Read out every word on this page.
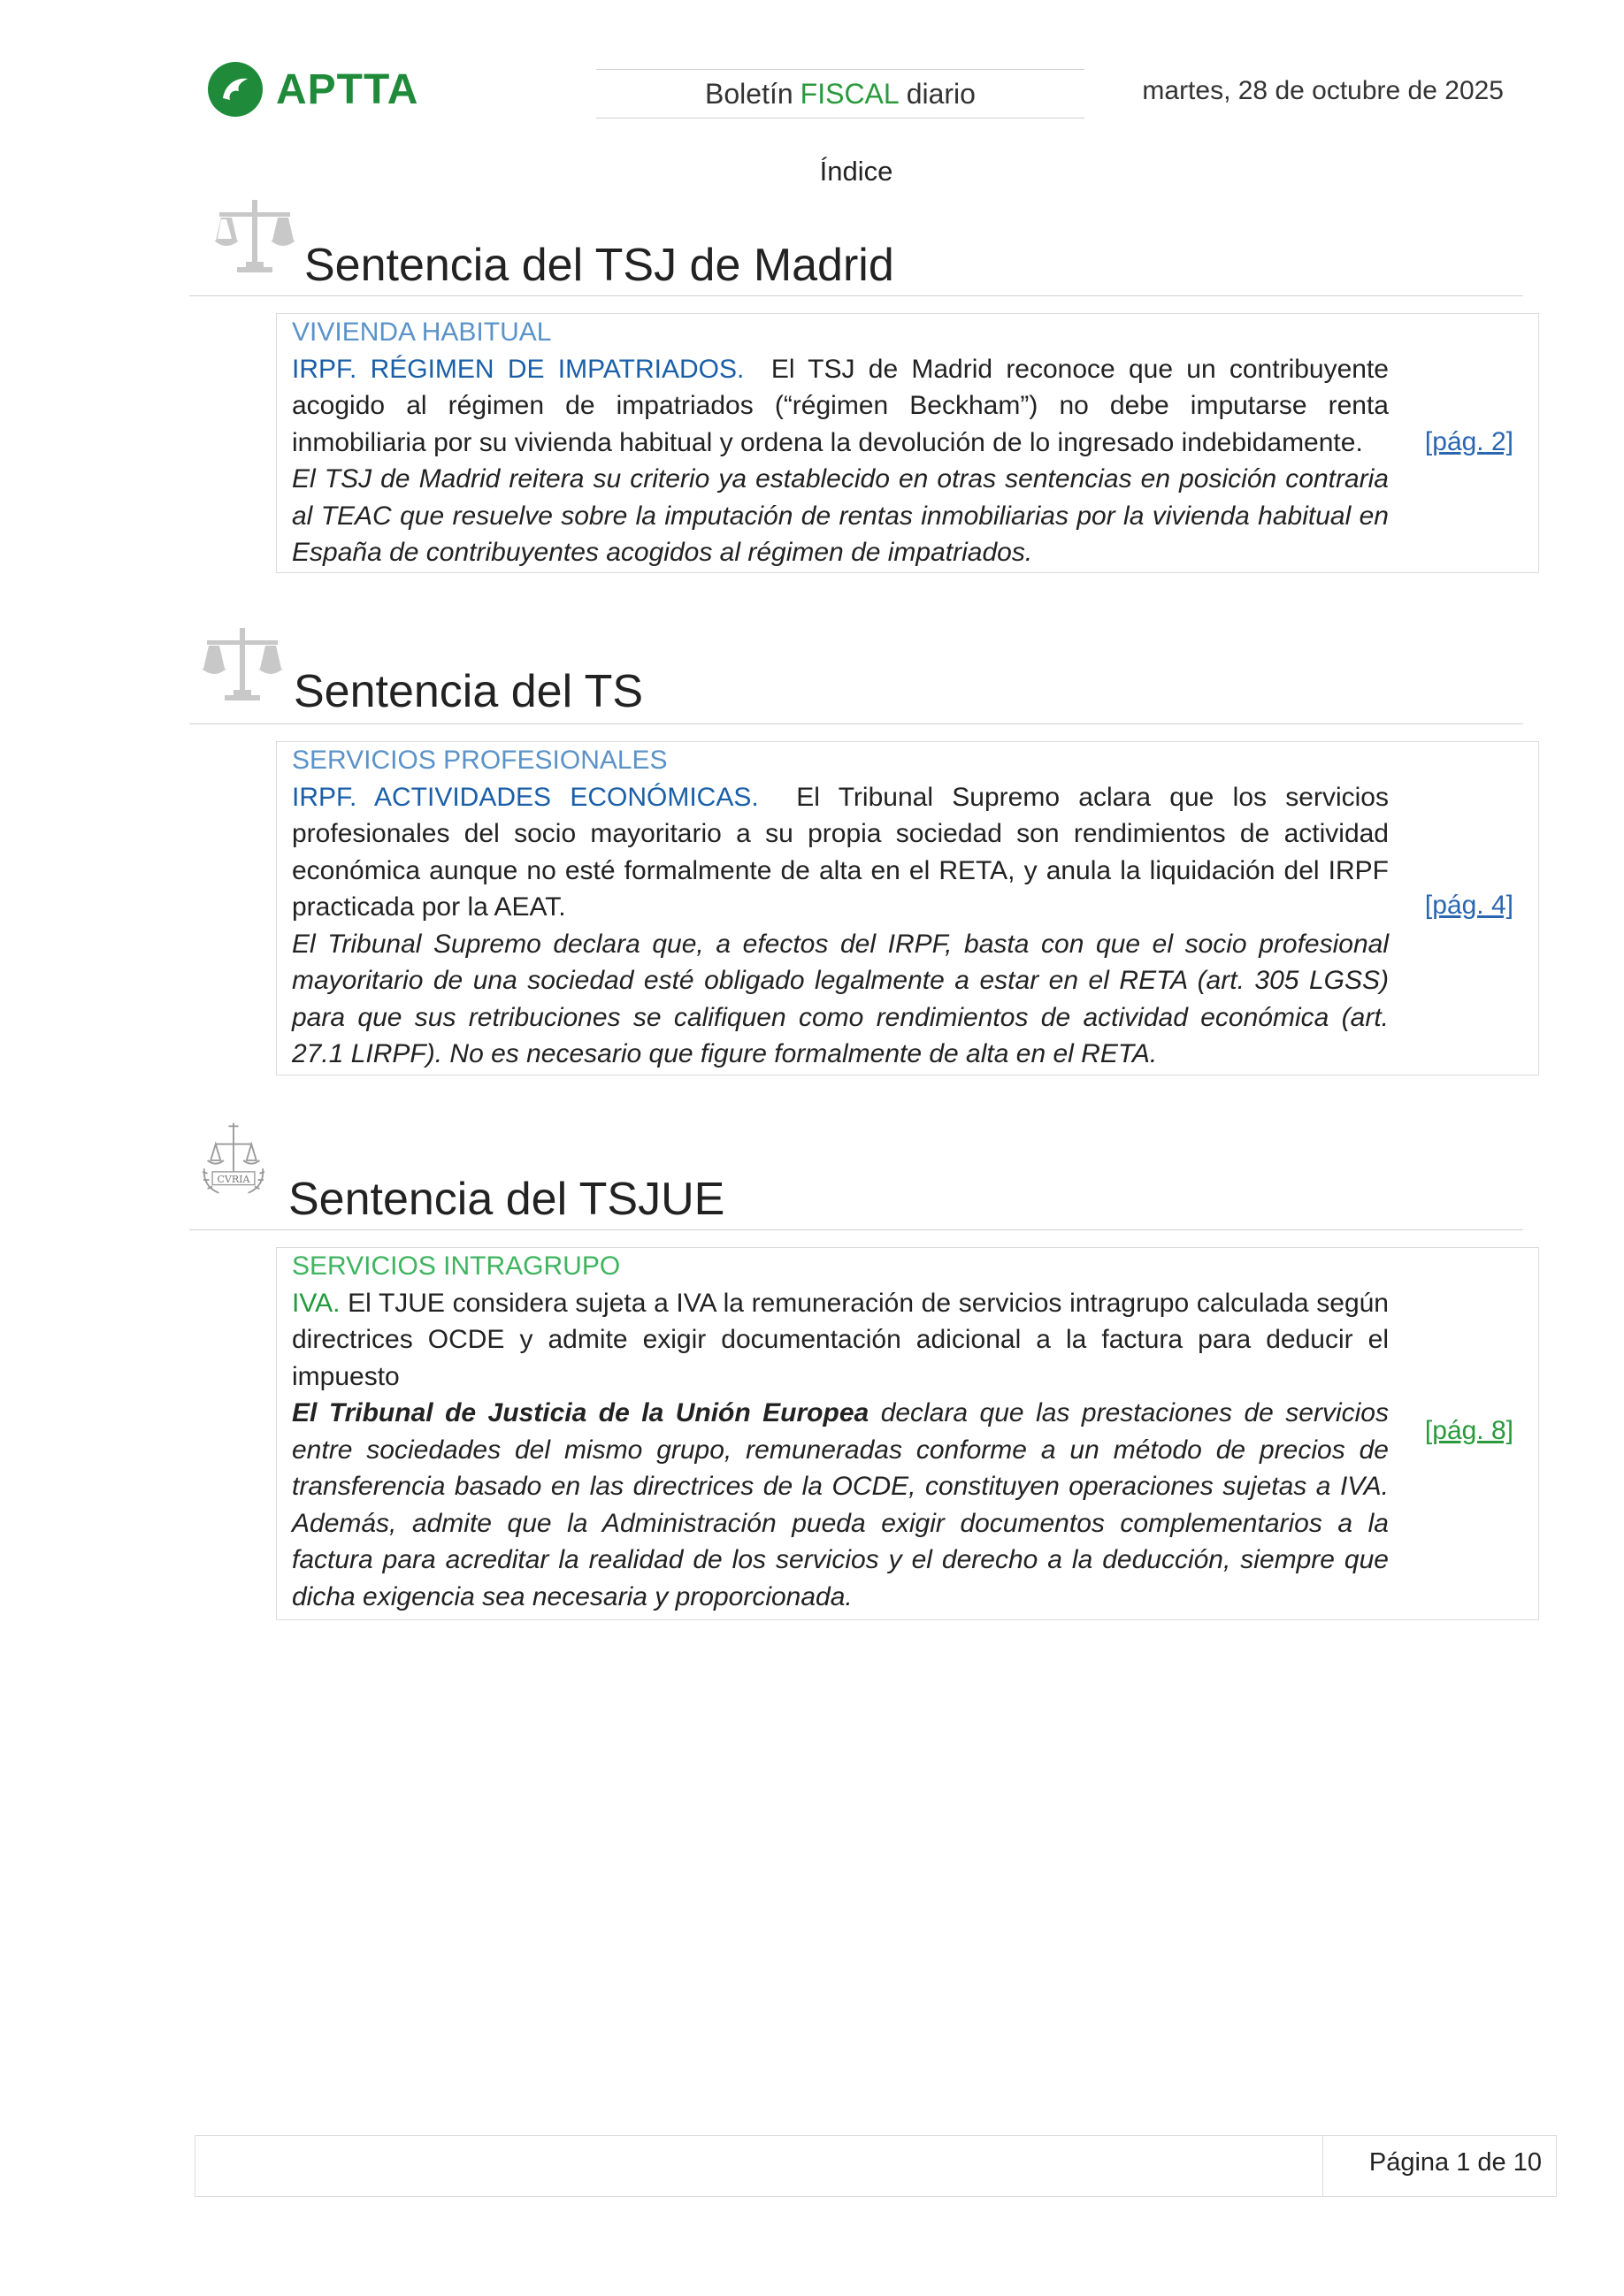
APTTA	Boletín FISCAL diario	martes, 28 de octubre de 2025
Índice
Sentencia del TSJ de Madrid
VIVIENDA HABITUAL
IRPF. RÉGIMEN DE IMPATRIADOS. El TSJ de Madrid reconoce que un contribuyente acogido al régimen de impatriados (“régimen Beckham”) no debe imputarse renta inmobiliaria por su vivienda habitual y ordena la devolución de lo ingresado indebidamente.
El TSJ de Madrid reitera su criterio ya establecido en otras sentencias en posición contraria al TEAC que resuelve sobre la imputación de rentas inmobiliarias por la vivienda habitual en España de contribuyentes acogidos al régimen de impatriados.
[pág. 2]
Sentencia del TS
SERVICIOS PROFESIONALES
IRPF. ACTIVIDADES ECONÓMICAS. El Tribunal Supremo aclara que los servicios profesionales del socio mayoritario a su propia sociedad son rendimientos de actividad económica aunque no esté formalmente de alta en el RETA, y anula la liquidación del IRPF practicada por la AEAT.
El Tribunal Supremo declara que, a efectos del IRPF, basta con que el socio profesional mayoritario de una sociedad esté obligado legalmente a estar en el RETA (art. 305 LGSS) para que sus retribuciones se califiquen como rendimientos de actividad económica (art. 27.1 LIRPF). No es necesario que figure formalmente de alta en el RETA.
[pág. 4]
CVRIA Sentencia del TSJUE
SERVICIOS INTRAGRUPO
IVA. El TJUE considera sujeta a IVA la remuneración de servicios intragrupo calculada según directrices OCDE y admite exigir documentación adicional a la factura para deducir el impuesto
El Tribunal de Justicia de la Unión Europea declara que las prestaciones de servicios entre sociedades del mismo grupo, remuneradas conforme a un método de precios de transferencia basado en las directrices de la OCDE, constituyen operaciones sujetas a IVA. Además, admite que la Administración pueda exigir documentos complementarios a la factura para acreditar la realidad de los servicios y el derecho a la deducción, siempre que dicha exigencia sea necesaria y proporcionada.
[pág. 8]
Página 1 de 10
